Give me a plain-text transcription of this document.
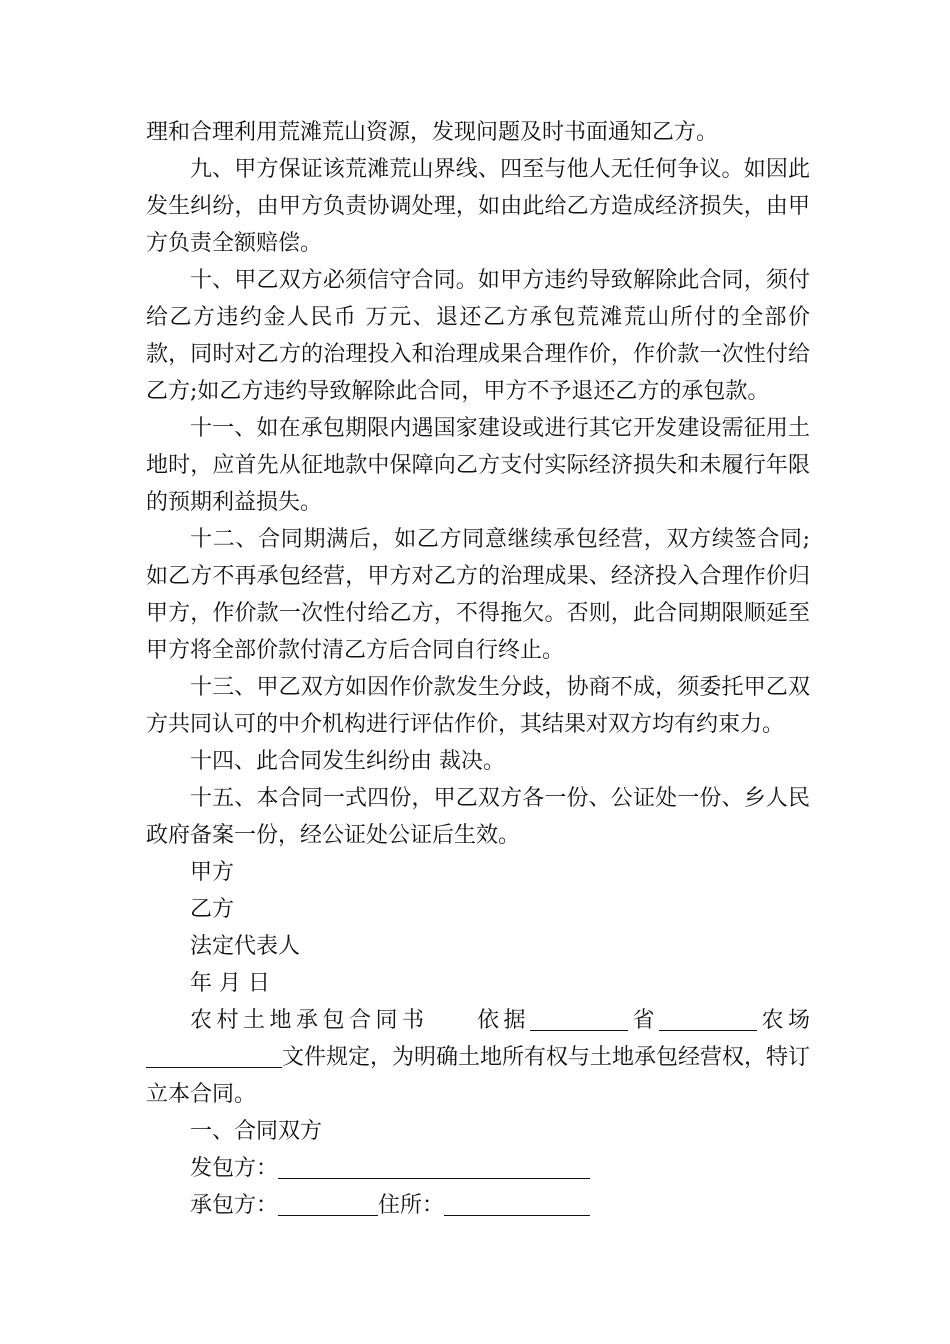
理和合理利用荒滩荒山资源，发现问题及时书面通知乙方。

九、甲方保证该荒滩荒山界线、四至与他人无任何争议。如因此发生纠纷，由甲方负责协调处理，如由此给乙方造成经济损失，由甲方负责全额赔偿。

十、甲乙双方必须信守合同。如甲方违约导致解除此合同，须付给乙方违约金人民币 万元、退还乙方承包荒滩荒山所付的全部价款，同时对乙方的治理投入和治理成果合理作价，作价款一次性付给乙方;如乙方违约导致解除此合同，甲方不予退还乙方的承包款。

十一、如在承包期限内遇国家建设或进行其它开发建设需征用土地时，应首先从征地款中保障向乙方支付实际经济损失和未履行年限的预期利益损失。

十二、合同期满后，如乙方同意继续承包经营，双方续签合同;如乙方不再承包经营，甲方对乙方的治理成果、经济投入合理作价归甲方，作价款一次性付给乙方，不得拖欠。否则，此合同期限顺延至甲方将全部价款付清乙方后合同自行终止。

十三、甲乙双方如因作价款发生分歧，协商不成，须委托甲乙双方共同认可的中介机构进行评估作价，其结果对双方均有约束力。

十四、此合同发生纠纷由 裁决。

十五、本合同一式四份，甲乙双方各一份、公证处一份、乡人民政府备案一份，经公证处公证后生效。

甲方

乙方

法定代表人

年 月 日

农村土地承包合同书 依据	省	农场文件规定，为明确土地所有权与土地承包经营权，特订立本合同。

一、合同双方

发包方：

承包方：	住所：
